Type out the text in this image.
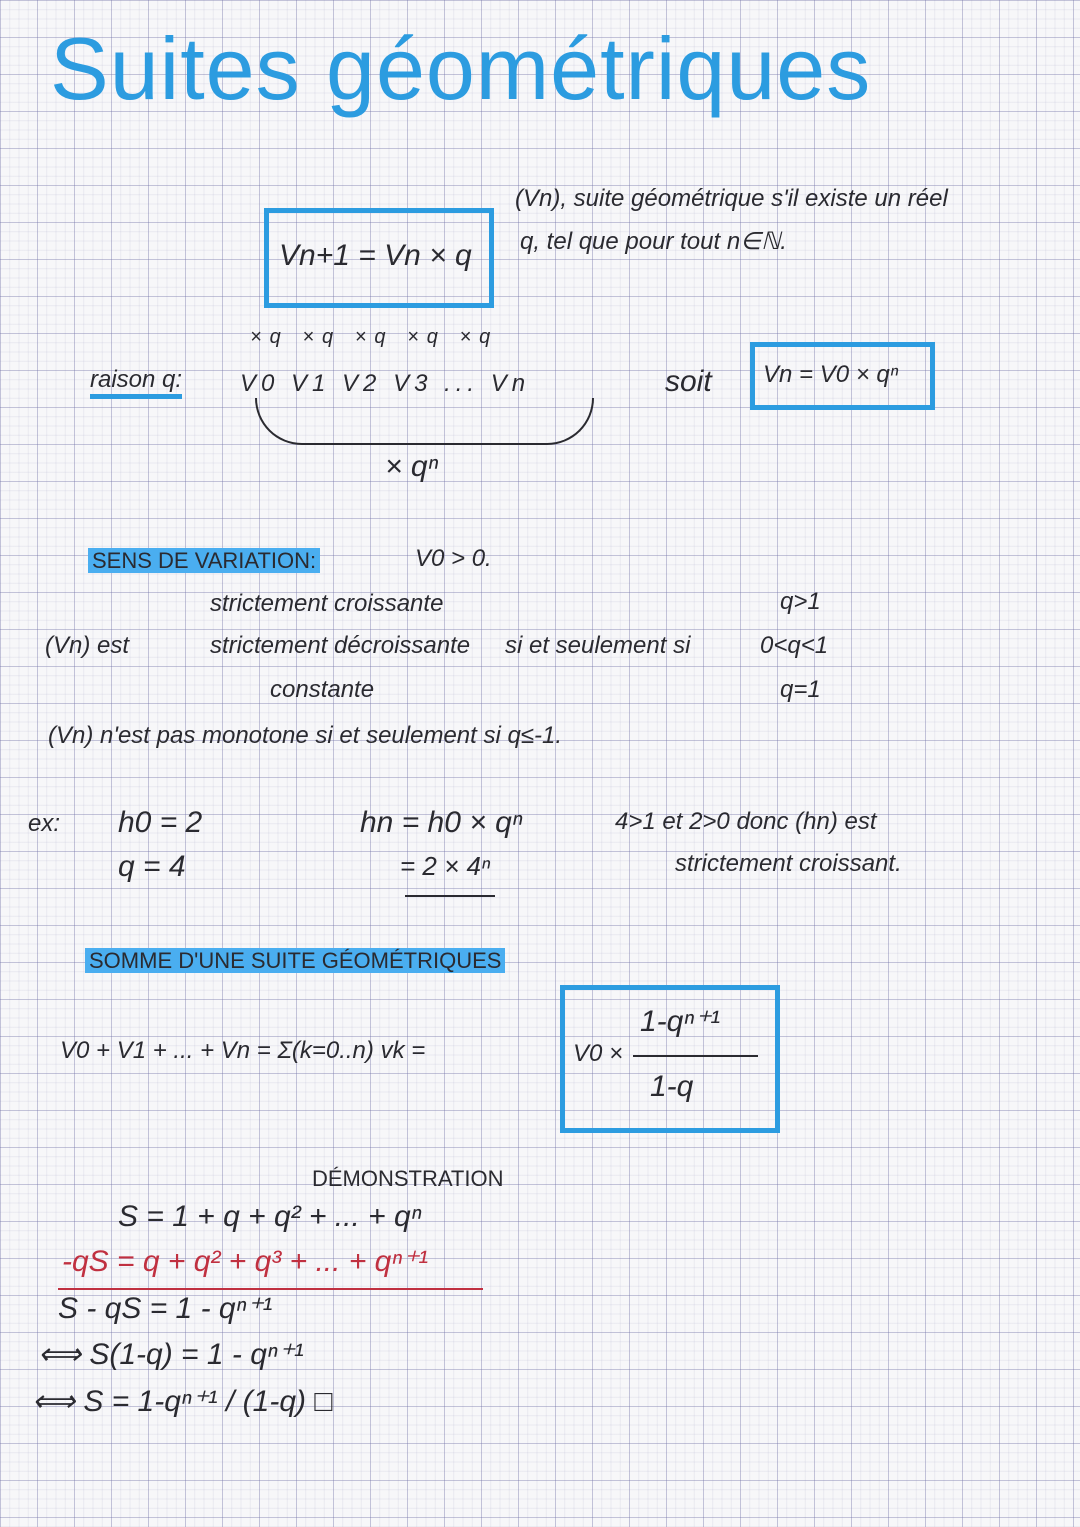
Suites géométriques
Vn+1 = Vn × q
(Vn), suite géométrique s'il existe un réel
q, tel que pour tout n∈ℕ.
raison q:
×q ×q ×q ×q ×q
V0 V1 V2 V3 ... Vn
× qⁿ
soit Vn = V0 × qⁿ
SENS DE VARIATION:	V0 > 0.
(Vn) est
strictement croissante
strictement décroissante
constante
si et seulement si
q>1
0<q<1
q=1
(Vn) n'est pas monotone si et seulement si q≤-1.
ex: h0 = 2
q = 4
hn = h0 × qⁿ
= 2 × 4ⁿ
4>1 et 2>0 donc (hn) est
strictement croissant.
SOMME D'UNE SUITE GÉOMÉTRIQUES
V0 + V1 + ... + Vn = Σ(k=0..n) vk =	V0 ×
1-qⁿ⁺¹
1-q
DÉMONSTRATION
S = 1 + q + q² + ... + qⁿ
-qS = q + q² + q³ + ... + qⁿ⁺¹
S - qS = 1 - qⁿ⁺¹
⟺ S(1-q) = 1 - qⁿ⁺¹
⟺ S = 1-qⁿ⁺¹ / (1-q) □
